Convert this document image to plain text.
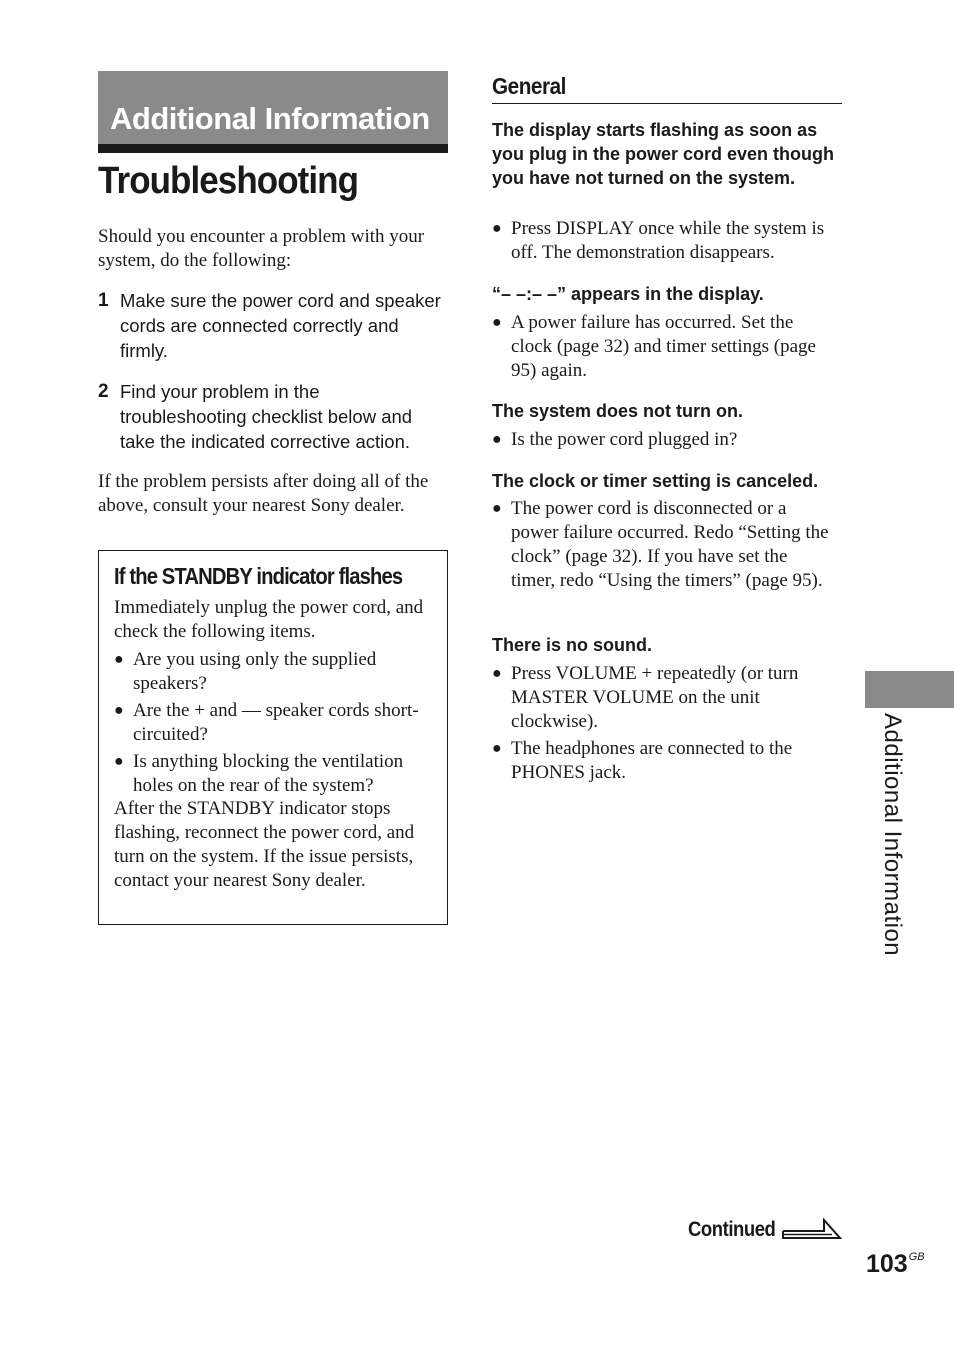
Additional Information
Troubleshooting
Should you encounter a problem with your system, do the following:
1 Make sure the power cord and speaker cords are connected correctly and firmly.
2 Find your problem in the troubleshooting checklist below and take the indicated corrective action.
If the problem persists after doing all of the above, consult your nearest Sony dealer.
If the STANDBY indicator flashes
Immediately unplug the power cord, and check the following items.
● Are you using only the supplied speakers?
● Are the + and — speaker cords short-circuited?
● Is anything blocking the ventilation holes on the rear of the system?
After the STANDBY indicator stops flashing, reconnect the power cord, and turn on the system. If the issue persists, contact your nearest Sony dealer.
General
The display starts flashing as soon as you plug in the power cord even though you have not turned on the system.
● Press DISPLAY once while the system is off. The demonstration disappears.
“– –:– –” appears in the display.
● A power failure has occurred. Set the clock (page 32) and timer settings (page 95) again.
The system does not turn on.
● Is the power cord plugged in?
The clock or timer setting is canceled.
● The power cord is disconnected or a power failure occurred. Redo “Setting the clock” (page 32). If you have set the timer, redo “Using the timers” (page 95).
There is no sound.
● Press VOLUME + repeatedly (or turn MASTER VOLUME on the unit clockwise).
● The headphones are connected to the PHONES jack.	Additional Information
Continued
$103^{GB}$
